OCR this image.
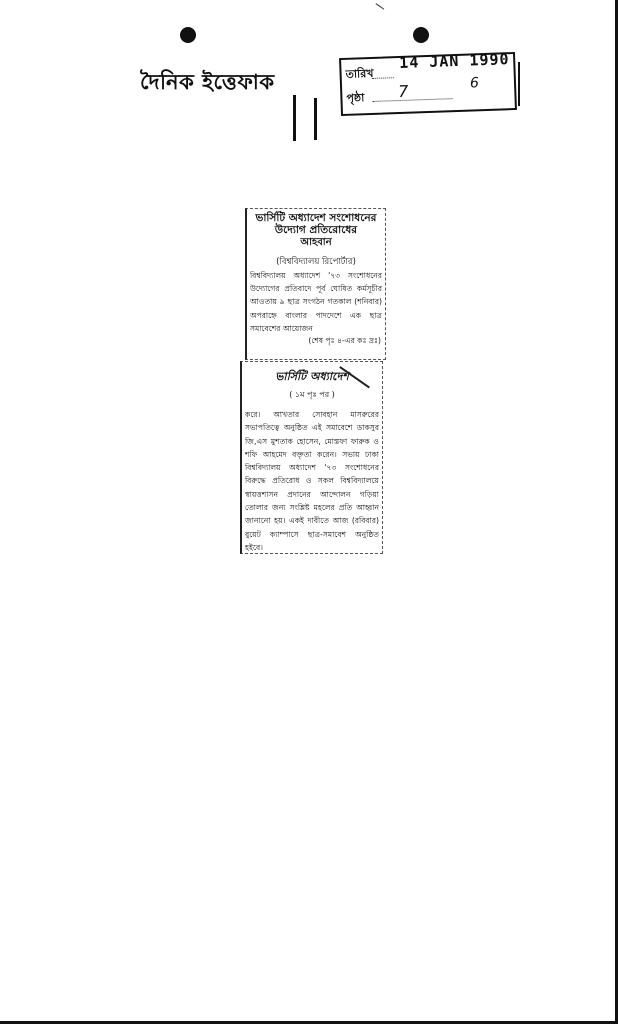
দৈনিক ইত্তেফাক	তারিখ
14 JAN 1990
পৃষ্ঠা 7	6
ভার্সিটি অধ্যাদেশ সংশোধনের
উদ্যোগ প্রতিরোধের
আহবান
(বিশ্ববিদ্যালয় রিপোর্টার)

বিশ্ববিদ্যালয় অধ্যাদেশ '৭৩ সংশোধনের উদ্যোগের প্রতিবাদে পূর্ব ঘোষিত কর্মসূচীর আওতায় ৯ ছাত্র সংগঠন গতকাল (শনিবার) অপরাহ্নে বাংলার পাদদেশে এক ছাত্র সমাবেশের আয়োজন

(শেষ পৃঃ ৪-এর কঃ দ্রঃ)
ভার্সিটি অধ্যাদেশ
( ১ম পৃঃ পর )

করে। আখতার সোবহান মাসরুরের সভাপতিত্বে অনুষ্ঠিত এই সমাবেশে ডাকসুর জি,এস মুশতাক হোসেন, মোস্তফা ফারুক ও শফি আহমেদ বক্তৃতা করেন। সভায় ঢাকা বিশ্ববিদ্যালয় অধ্যাদেশ '৭৩ সংশোধনের বিরুদ্ধে প্রতিরোধ ও সকল বিশ্ববিদ্যালয়ে স্বায়ত্তশাসন প্রদানের আন্দোলন গড়িয়া তোলার জন্য সংশ্লিষ্ট মহলের প্রতি আহ্বান জানানো হয়। একই দাবীতে আজ (রবিবার) বুয়েট ক্যাম্পাসে ছাত্র-সমাবেশ অনুষ্ঠিত হইবে।
